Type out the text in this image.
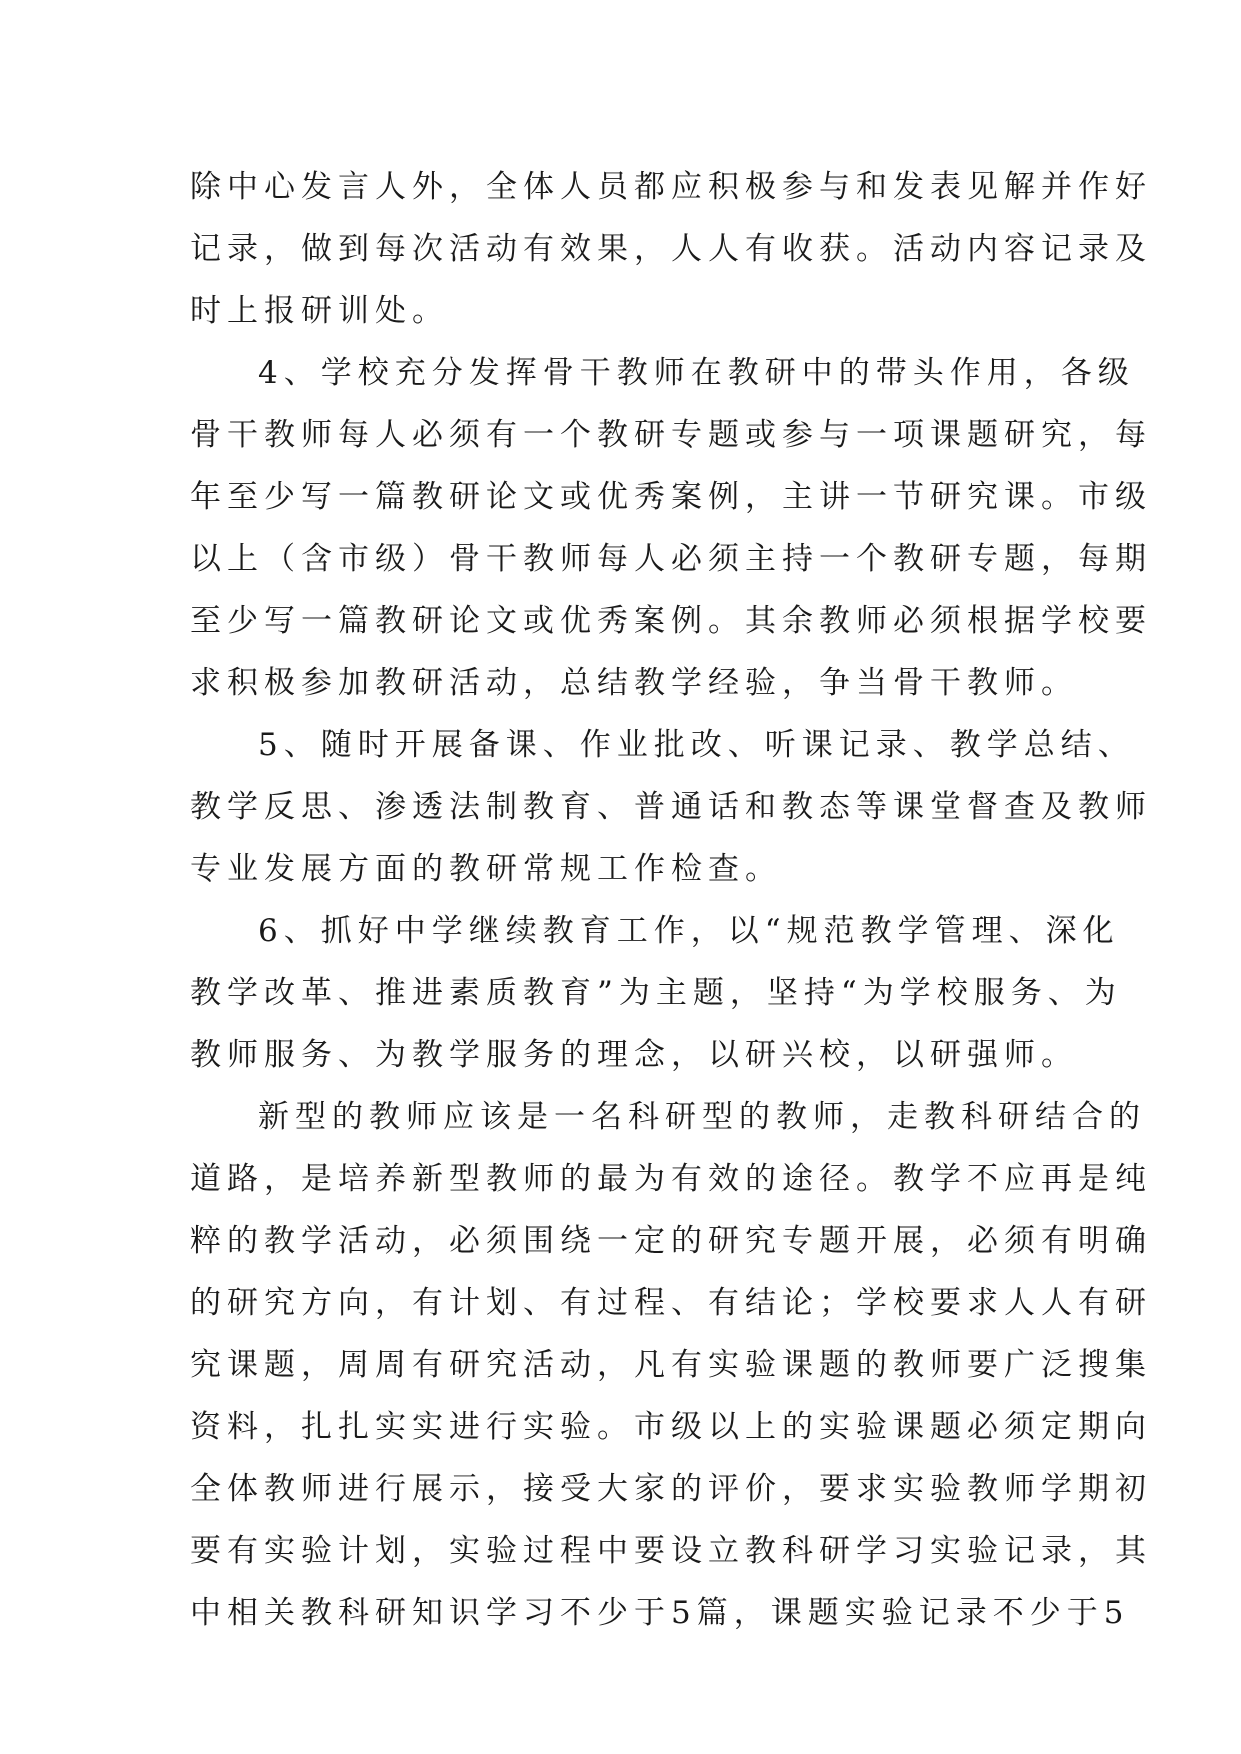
除中心发言人外，全体人员都应积极参与和发表见解并作好
记录，做到每次活动有效果，人人有收获。活动内容记录及
时上报研训处。
4、学校充分发挥骨干教师在教研中的带头作用，各级
骨干教师每人必须有一个教研专题或参与一项课题研究，每
年至少写一篇教研论文或优秀案例，主讲一节研究课。市级
以上（含市级）骨干教师每人必须主持一个教研专题，每期
至少写一篇教研论文或优秀案例。其余教师必须根据学校要
求积极参加教研活动，总结教学经验，争当骨干教师。
5、随时开展备课、作业批改、听课记录、教学总结、
教学反思、渗透法制教育、普通话和教态等课堂督查及教师
专业发展方面的教研常规工作检查。
6、抓好中学继续教育工作，以“规范教学管理、深化
教学改革、推进素质教育”为主题，坚持“为学校服务、为
教师服务、为教学服务的理念，以研兴校，以研强师。
新型的教师应该是一名科研型的教师，走教科研结合的
道路，是培养新型教师的最为有效的途径。教学不应再是纯
粹的教学活动，必须围绕一定的研究专题开展，必须有明确
的研究方向，有计划、有过程、有结论；学校要求人人有研
究课题，周周有研究活动，凡有实验课题的教师要广泛搜集
资料，扎扎实实进行实验。市级以上的实验课题必须定期向
全体教师进行展示，接受大家的评价，要求实验教师学期初
要有实验计划，实验过程中要设立教科研学习实验记录，其
中相关教科研知识学习不少于5篇，课题实验记录不少于5
